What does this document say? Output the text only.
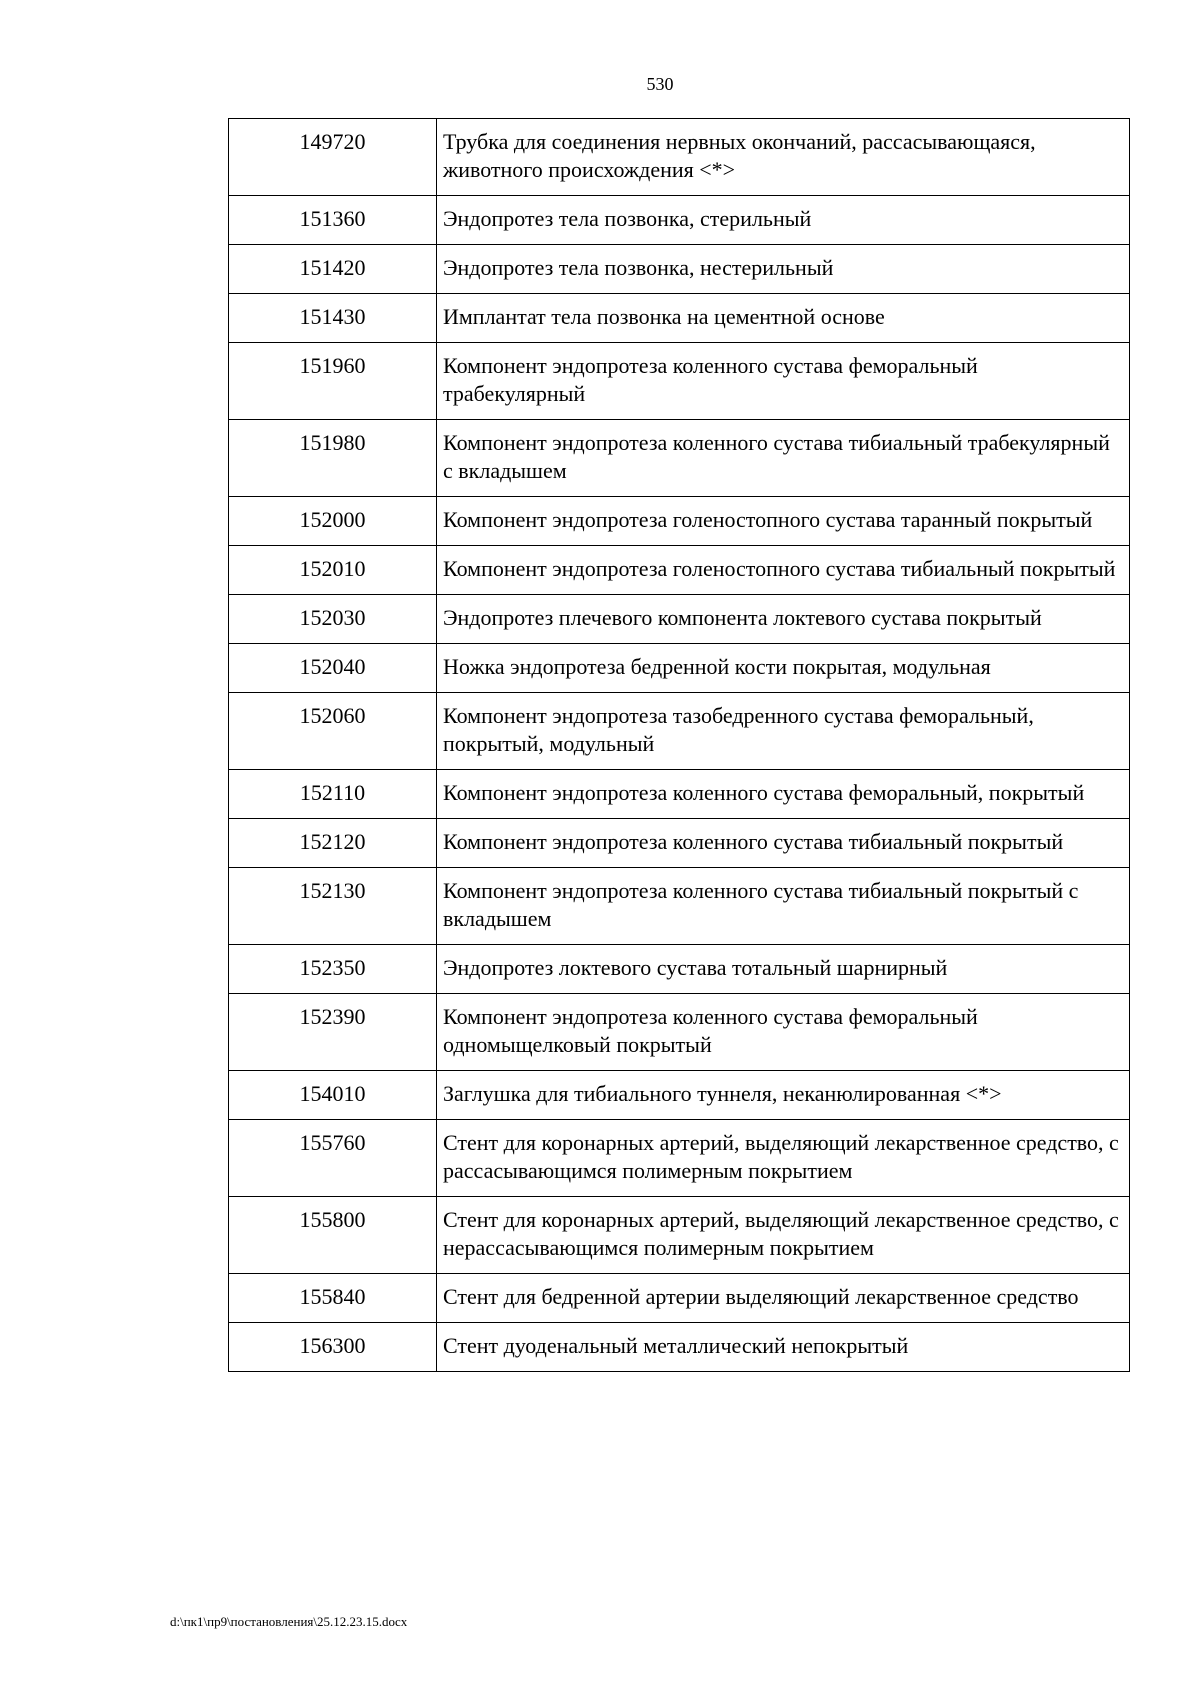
530
149720	Трубка для соединения нервных окончаний, рассасывающаяся, животного происхождения <*>
151360	Эндопротез тела позвонка, стерильный
151420	Эндопротез тела позвонка, нестерильный
151430	Имплантат тела позвонка на цементной основе
151960	Компонент эндопротеза коленного сустава феморальный трабекулярный
151980	Компонент эндопротеза коленного сустава тибиальный трабекулярный с вкладышем
152000	Компонент эндопротеза голеностопного сустава таранный покрытый
152010	Компонент эндопротеза голеностопного сустава тибиальный покрытый
152030	Эндопротез плечевого компонента локтевого сустава покрытый
152040	Ножка эндопротеза бедренной кости покрытая, модульная
152060	Компонент эндопротеза тазобедренного сустава феморальный, покрытый, модульный
152110	Компонент эндопротеза коленного сустава феморальный, покрытый
152120	Компонент эндопротеза коленного сустава тибиальный покрытый
152130	Компонент эндопротеза коленного сустава тибиальный покрытый с вкладышем
152350	Эндопротез локтевого сустава тотальный шарнирный
152390	Компонент эндопротеза коленного сустава феморальный одномыщелковый покрытый
154010	Заглушка для тибиального туннеля, неканюлированная <*>
155760	Стент для коронарных артерий, выделяющий лекарственное средство, с рассасывающимся полимерным покрытием
155800	Стент для коронарных артерий, выделяющий лекарственное средство, с нерассасывающимся полимерным покрытием
155840	Стент для бедренной артерии выделяющий лекарственное средство
156300	Стент дуоденальный металлический непокрытый
d:\пк1\пр9\постановления\25.12.23.15.docx
